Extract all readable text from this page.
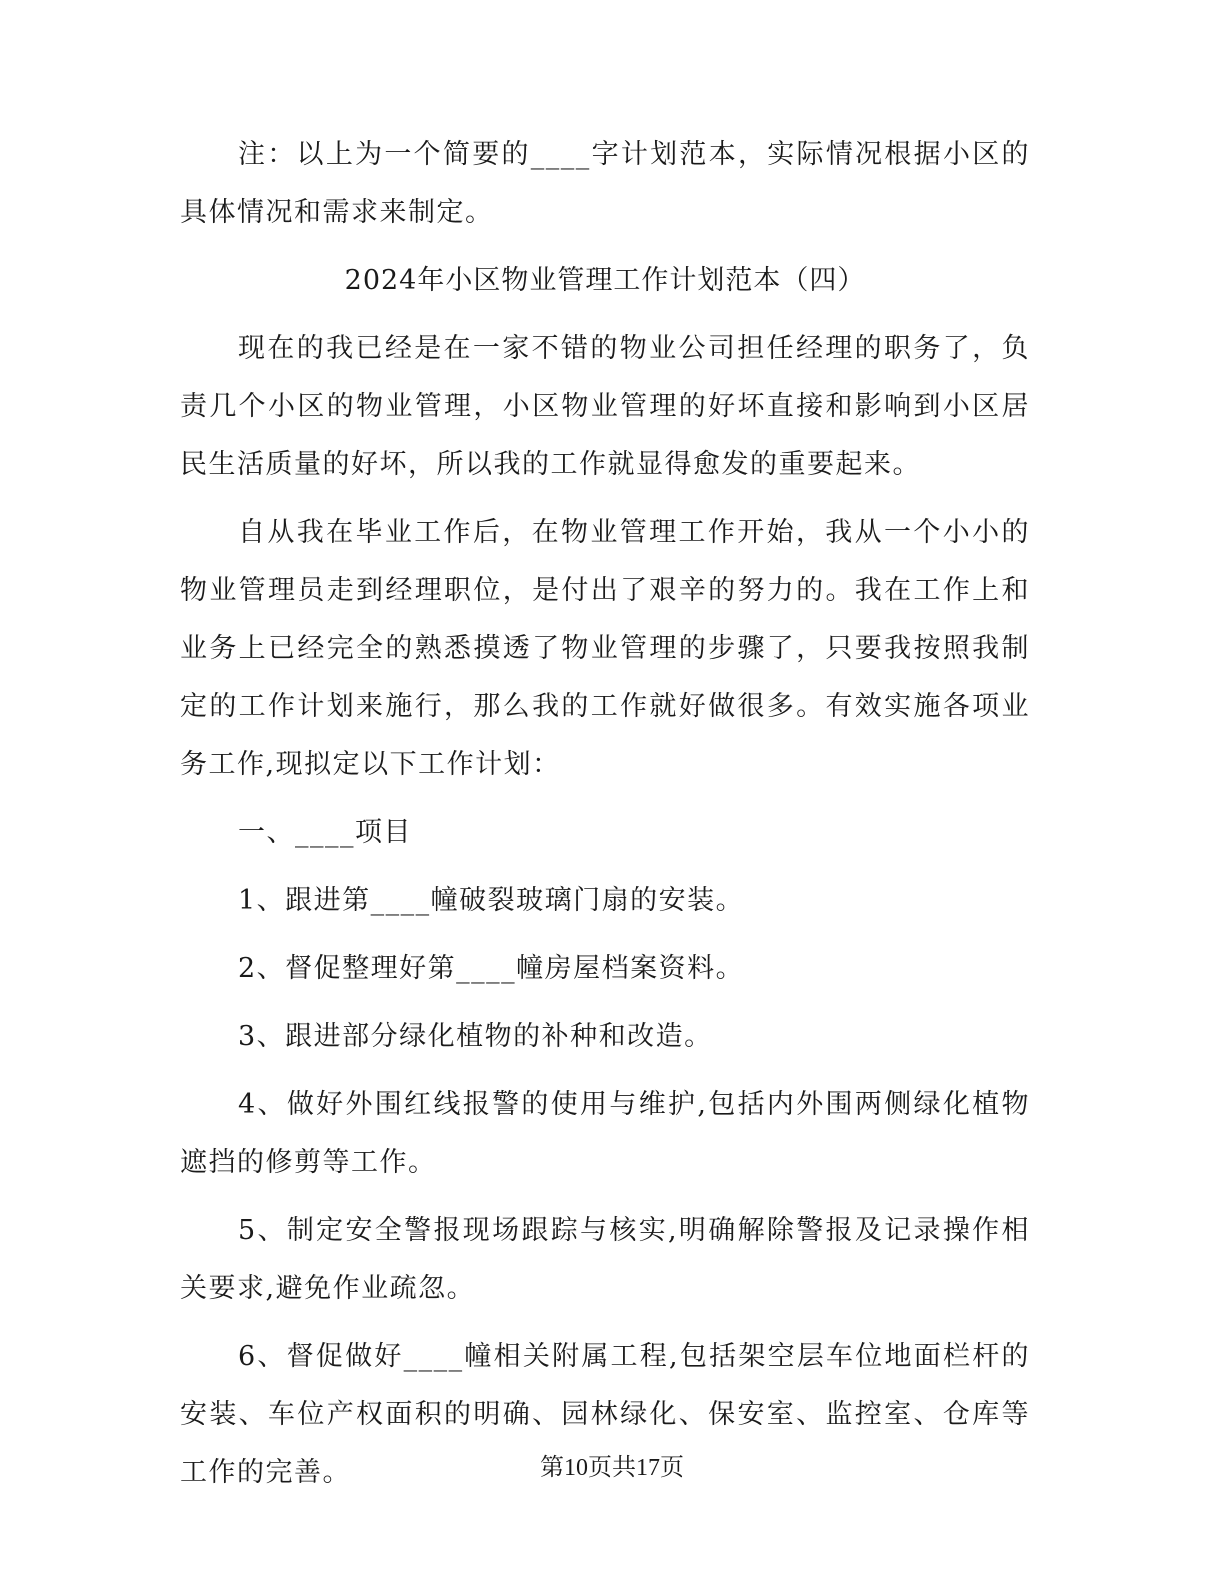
注：以上为一个简要的____字计划范本，实际情况根据小区的具体情况和需求来制定。

2024年小区物业管理工作计划范本（四）

现在的我已经是在一家不错的物业公司担任经理的职务了，负责几个小区的物业管理，小区物业管理的好坏直接和影响到小区居民生活质量的好坏，所以我的工作就显得愈发的重要起来。

自从我在毕业工作后，在物业管理工作开始，我从一个小小的物业管理员走到经理职位，是付出了艰辛的努力的。我在工作上和业务上已经完全的熟悉摸透了物业管理的步骤了，只要我按照我制定的工作计划来施行，那么我的工作就好做很多。有效实施各项业务工作,现拟定以下工作计划：

一、____项目

1、跟进第____幢破裂玻璃门扇的安装。

2、督促整理好第____幢房屋档案资料。

3、跟进部分绿化植物的补种和改造。

4、做好外围红线报警的使用与维护,包括内外围两侧绿化植物遮挡的修剪等工作。

5、制定安全警报现场跟踪与核实,明确解除警报及记录操作相关要求,避免作业疏忽。

6、督促做好____幢相关附属工程,包括架空层车位地面栏杆的安装、车位产权面积的明确、园林绿化、保安室、监控室、仓库等工作的完善。	第10页共17页
